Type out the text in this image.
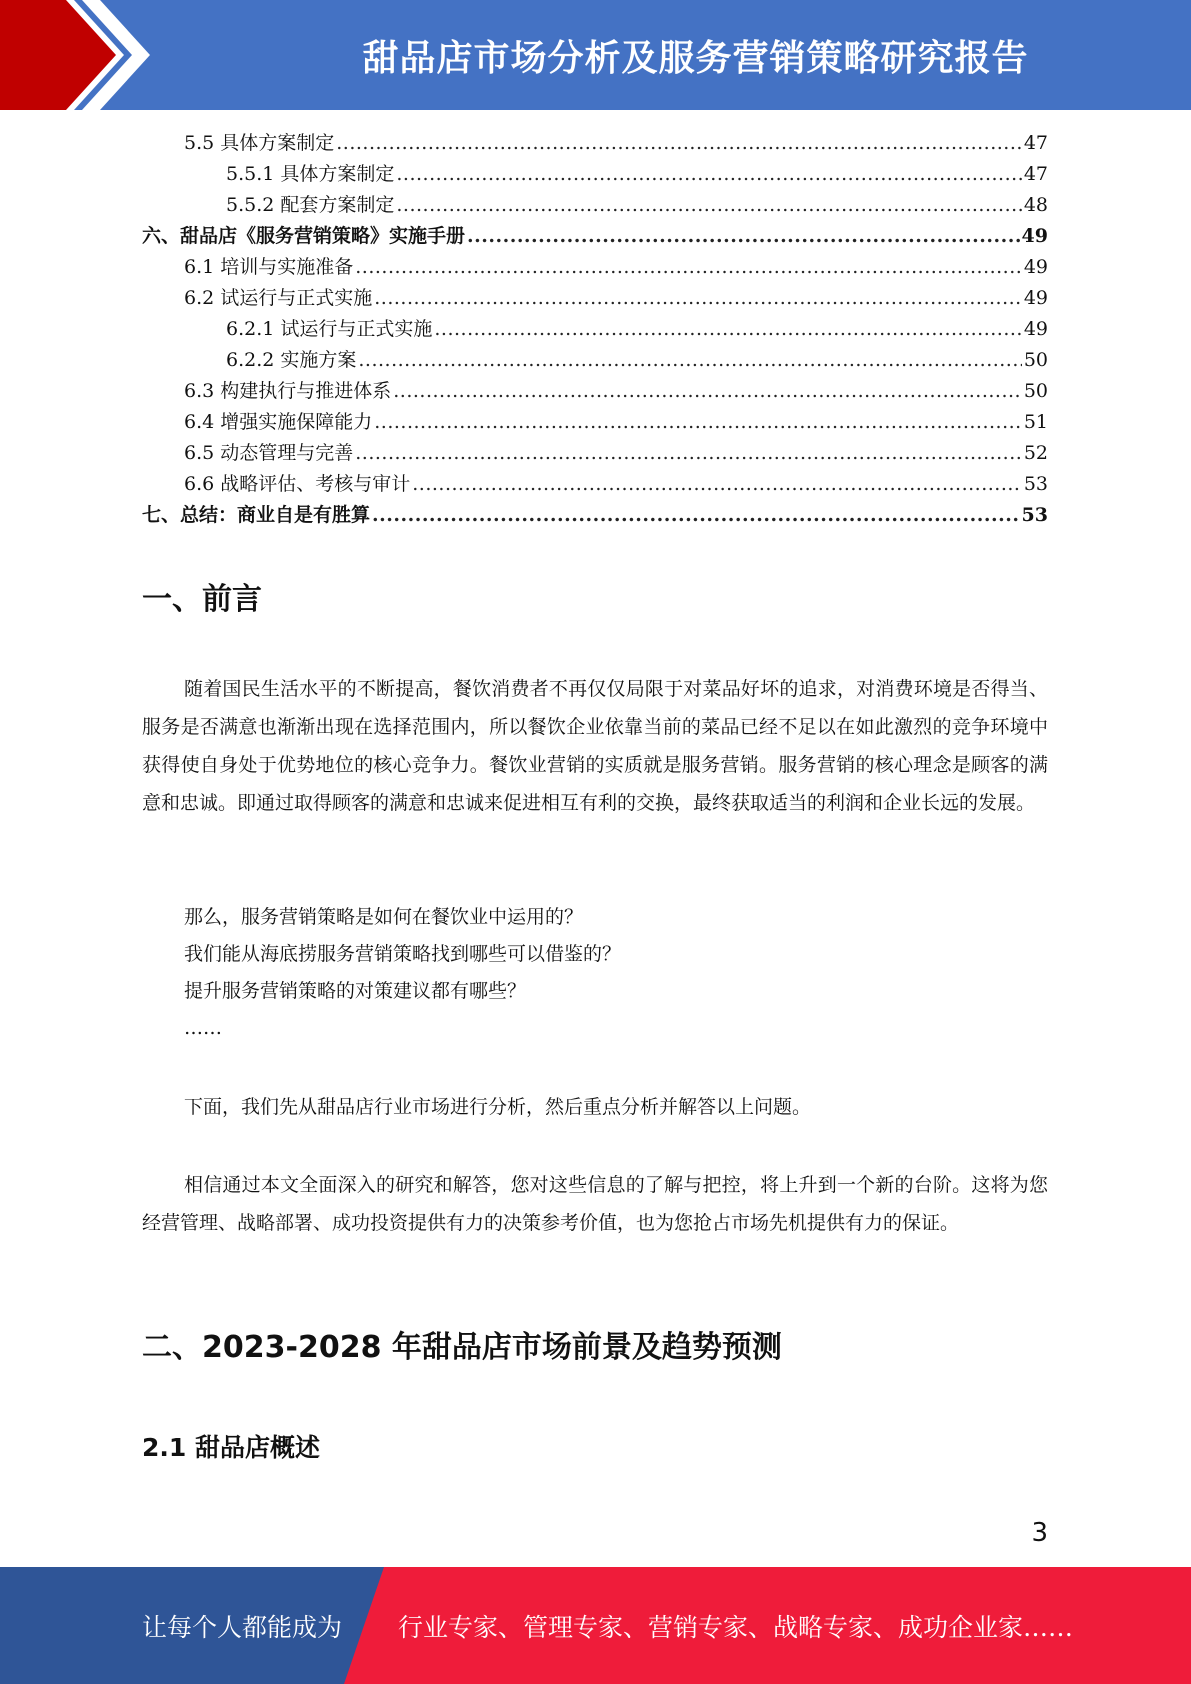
甜品店市场分析及服务营销策略研究报告
5.5 具体方案制定 .....	47
5.5.1 具体方案制定 .....	47
5.5.2 配套方案制定 .....	48
六、甜品店《服务营销策略》实施手册 .....	49
6.1 培训与实施准备 .....	49
6.2 试运行与正式实施 .....	49
6.2.1 试运行与正式实施 .....	49
6.2.2 实施方案 .....	50
6.3 构建执行与推进体系 .....	50
6.4 增强实施保障能力 .....	51
6.5 动态管理与完善 .....	52
6.6 战略评估、考核与审计 .....	53
七、总结：商业自是有胜算 .....	53
一、前言

随着国民生活水平的不断提高，餐饮消费者不再仅仅局限于对菜品好坏的追求，对消费环境是否得当、服务是否满意也渐渐出现在选择范围内，所以餐饮企业依靠当前的菜品已经不足以在如此激烈的竞争环境中获得使自身处于优势地位的核心竞争力。餐饮业营销的实质就是服务营销。服务营销的核心理念是顾客的满意和忠诚。即通过取得顾客的满意和忠诚来促进相互有利的交换，最终获取适当的利润和企业长远的发展。

那么，服务营销策略是如何在餐饮业中运用的？
我们能从海底捞服务营销策略找到哪些可以借鉴的？
提升服务营销策略的对策建议都有哪些？
……

下面，我们先从甜品店行业市场进行分析，然后重点分析并解答以上问题。

相信通过本文全面深入的研究和解答，您对这些信息的了解与把控，将上升到一个新的台阶。这将为您经营管理、战略部署、成功投资提供有力的决策参考价值，也为您抢占市场先机提供有力的保证。

二、2023-2028 年甜品店市场前景及趋势预测
2.1 甜品店概述
3
让每个人都能成为 行业专家、管理专家、营销专家、战略专家、成功企业家……
